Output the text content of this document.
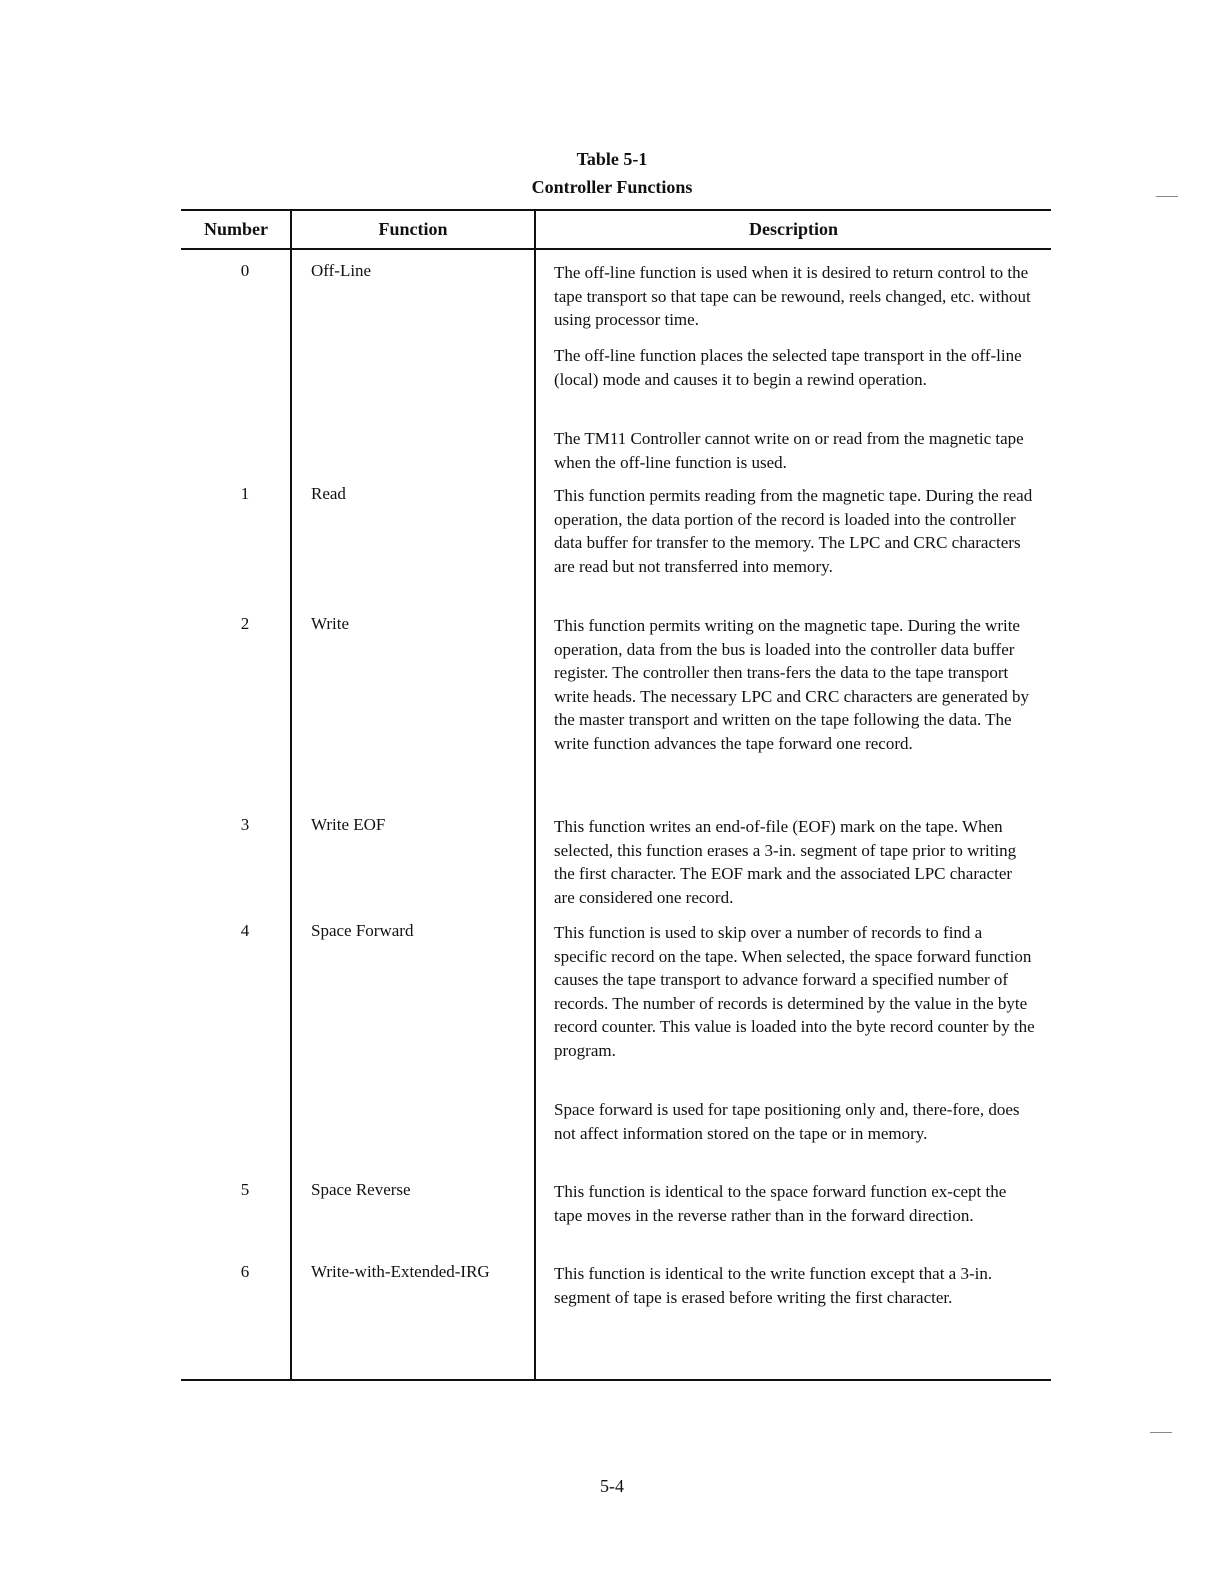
Table 5-1
Controller Functions
Number	Function	Description
0	Off-Line	The off-line function is used when it is desired to return control to the tape transport so that tape can be rewound, reels changed, etc. without using processor time.

The off-line function places the selected tape transport in the off-line (local) mode and causes it to begin a rewind operation.

The TM11 Controller cannot write on or read from the magnetic tape when the off-line function is used.

1	Read	This function permits reading from the magnetic tape. During the read operation, the data portion of the record is loaded into the controller data buffer for transfer to the memory. The LPC and CRC characters are read but not transferred into memory.

2	Write	This function permits writing on the magnetic tape. During the write operation, data from the bus is loaded into the controller data buffer register. The controller then trans-fers the data to the tape transport write heads. The necessary LPC and CRC characters are generated by the master transport and written on the tape following the data. The write function advances the tape forward one record.

3	Write EOF	This function writes an end-of-file (EOF) mark on the tape. When selected, this function erases a 3-in. segment of tape prior to writing the first character. The EOF mark and the associated LPC character are considered one record.

4	Space Forward	This function is used to skip over a number of records to find a specific record on the tape. When selected, the space forward function causes the tape transport to advance forward a specified number of records. The number of records is determined by the value in the byte record counter. This value is loaded into the byte record counter by the program.

Space forward is used for tape positioning only and, there-fore, does not affect information stored on the tape or in memory.

5	Space Reverse	This function is identical to the space forward function ex-cept the tape moves in the reverse rather than in the forward direction.

6	Write-with-Extended-IRG	This function is identical to the write function except that a 3-in. segment of tape is erased before writing the first character.

5-4
